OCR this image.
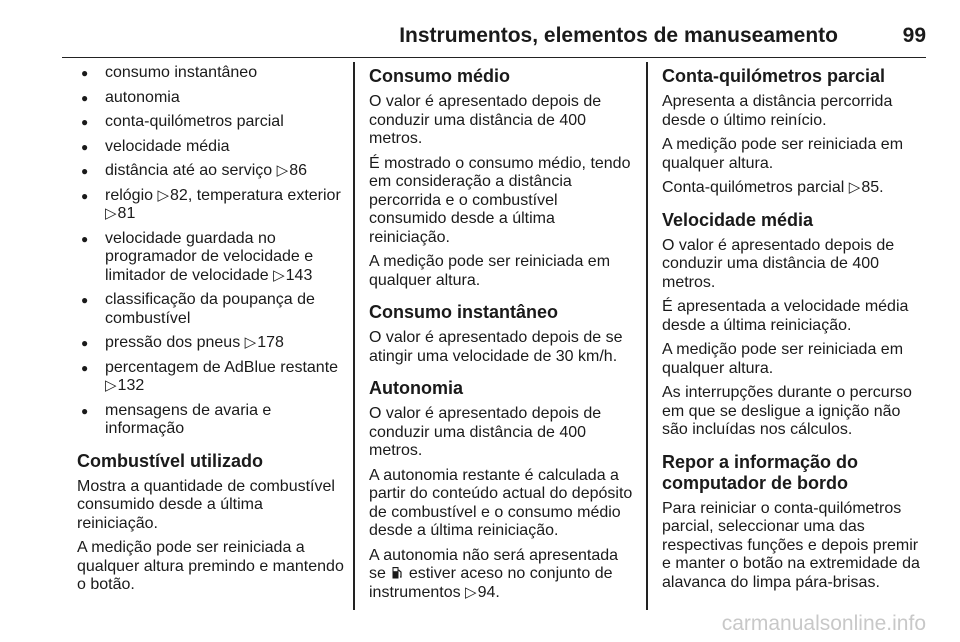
Instrumentos, elementos de manuseamento	99
● consumo instantâneo
● autonomia
● conta-quilómetros parcial
● velocidade média
● distância até ao serviço ▷86
● relógio ▷82, temperatura exterior ▷81
● velocidade guardada no programador de velocidade e limitador de velocidade ▷143
● classificação da poupança de combustível
● pressão dos pneus ▷178
● percentagem de AdBlue restante ▷132
● mensagens de avaria e informação
Combustível utilizado

Mostra a quantidade de combustível consumido desde a última reiniciação.

A medição pode ser reiniciada a qualquer altura premindo e mantendo o botão.

Consumo médio

O valor é apresentado depois de conduzir uma distância de 400 metros.

É mostrado o consumo médio, tendo em consideração a distância percorrida e o combustível consumido desde a última reiniciação.

A medição pode ser reiniciada em qualquer altura.

Consumo instantâneo

O valor é apresentado depois de se atingir uma velocidade de 30 km/h.

Autonomia

O valor é apresentado depois de conduzir uma distância de 400 metros.

A autonomia restante é calculada a partir do conteúdo actual do depósito de combustível e o consumo médio desde a última reiniciação.

A autonomia não será apresentada se estiver aceso no conjunto de instrumentos ▷94.

Conta-quilómetros parcial

Apresenta a distância percorrida desde o último reinício.

A medição pode ser reiniciada em qualquer altura.

Conta-quilómetros parcial ▷85.

Velocidade média

O valor é apresentado depois de conduzir uma distância de 400 metros.

É apresentada a velocidade média desde a última reiniciação.

A medição pode ser reiniciada em qualquer altura.

As interrupções durante o percurso em que se desligue a ignição não são incluídas nos cálculos.

Repor a informação do computador de bordo

Para reiniciar o conta-quilómetros parcial, seleccionar uma das respectivas funções e depois premir e manter o botão na extremidade da alavanca do limpa pára-brisas.

carmanualsonline.info
